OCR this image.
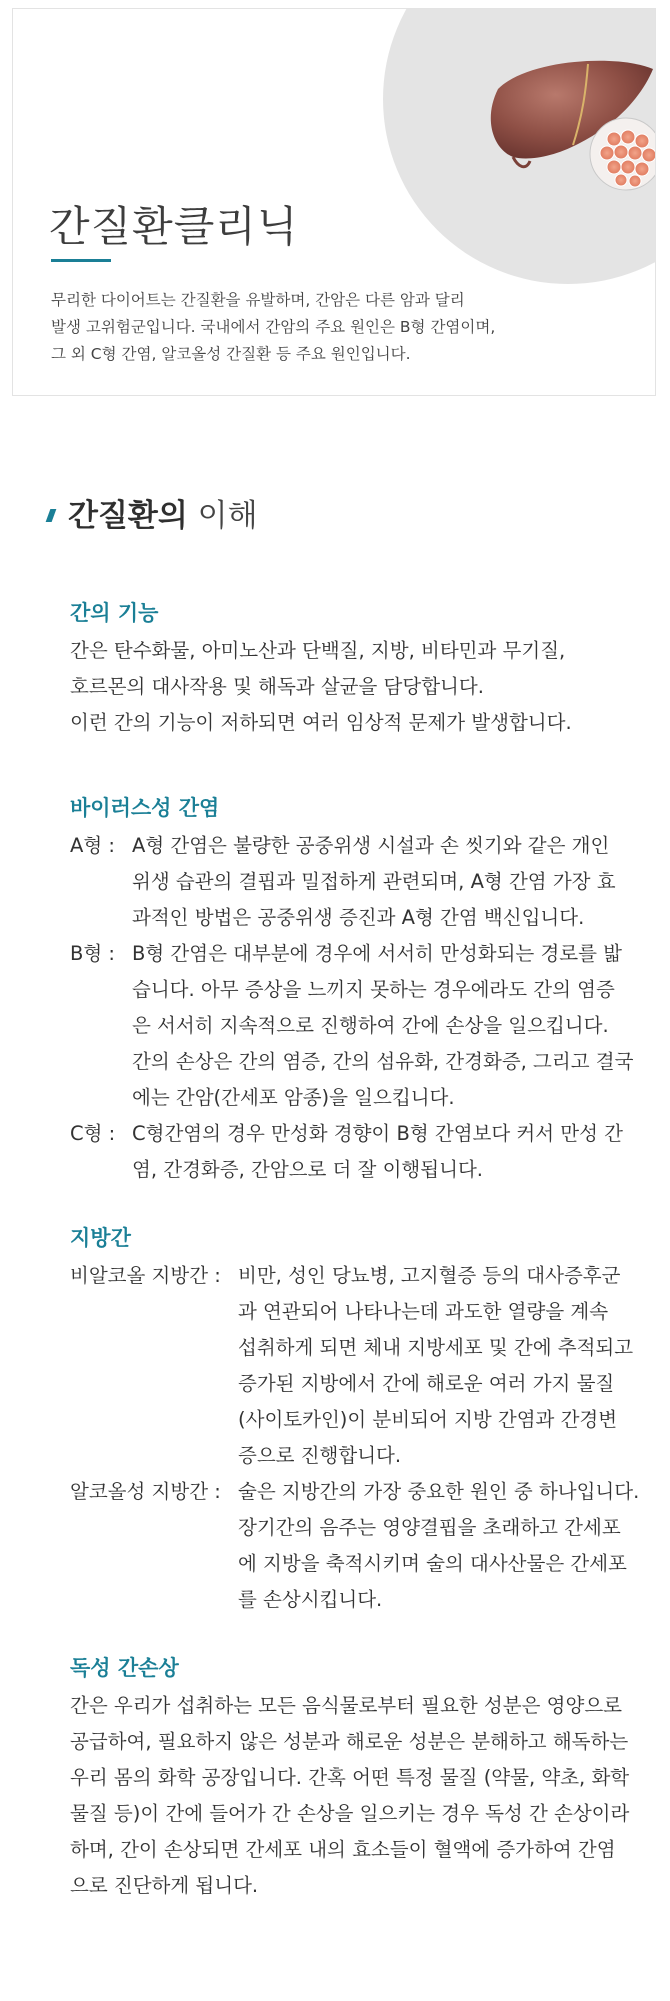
간질환클리닉

무리한 다이어트는 간질환을 유발하며, 간암은 다른 암과 달리

발생 고위험군입니다. 국내에서 간암의 주요 원인은 B형 간염이며,

그 외 C형 간염, 알코올성 간질환 등 주요 원인입니다.

간질환의 이해
간의 기능

간은 탄수화물, 아미노산과 단백질, 지방, 비타민과 무기질,

호르몬의 대사작용 및 해독과 살균을 담당합니다.

이런 간의 기능이 저하되면 여러 임상적 문제가 발생합니다.

바이러스성 간염
A형 : A형 간염은 불량한 공중위생 시설과 손 씻기와 같은 개인

위생 습관의 결핍과 밀접하게 관련되며, A형 간염 가장 효

과적인 방법은 공중위생 증진과 A형 간염 백신입니다.

B형 : B형 간염은 대부분에 경우에 서서히 만성화되는 경로를 밟

습니다. 아무 증상을 느끼지 못하는 경우에라도 간의 염증

은 서서히 지속적으로 진행하여 간에 손상을 일으킵니다.

간의 손상은 간의 염증, 간의 섬유화, 간경화증, 그리고 결국

에는 간암(간세포 암종)을 일으킵니다.

C형 : C형간염의 경우 만성화 경향이 B형 간염보다 커서 만성 간

염, 간경화증, 간암으로 더 잘 이행됩니다.

지방간
비알코올 지방간 : 비만, 성인 당뇨병, 고지혈증 등의 대사증후군

과 연관되어 나타나는데 과도한 열량을 계속

섭취하게 되면 체내 지방세포 및 간에 추적되고

증가된 지방에서 간에 해로운 여러 가지 물질

(사이토카인)이 분비되어 지방 간염과 간경변

증으로 진행합니다.

알코올성 지방간 : 술은 지방간의 가장 중요한 원인 중 하나입니다.

장기간의 음주는 영양결핍을 초래하고 간세포

에 지방을 축적시키며 술의 대사산물은 간세포

를 손상시킵니다.

독성 간손상

간은 우리가 섭취하는 모든 음식물로부터 필요한 성분은 영양으로

공급하여, 필요하지 않은 성분과 해로운 성분은 분해하고 해독하는

우리 몸의 화학 공장입니다. 간혹 어떤 특정 물질 (약물, 약초, 화학

물질 등)이 간에 들어가 간 손상을 일으키는 경우 독성 간 손상이라

하며, 간이 손상되면 간세포 내의 효소들이 혈액에 증가하여 간염

으로 진단하게 됩니다.
